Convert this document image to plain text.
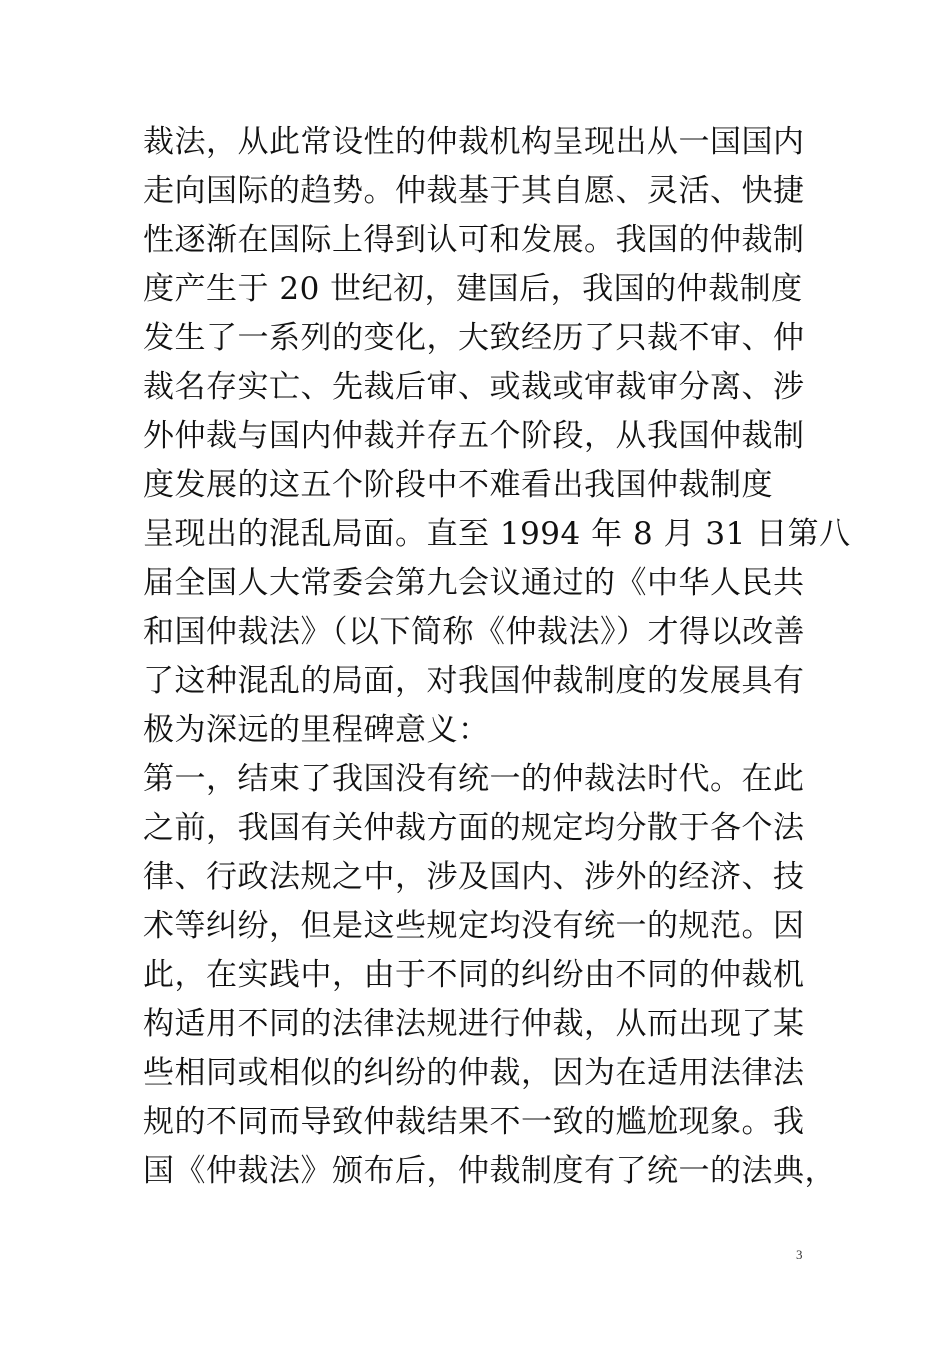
裁法，从此常设性的仲裁机构呈现出从一国国内
走向国际的趋势。仲裁基于其自愿、灵活、快捷
性逐渐在国际上得到认可和发展。我国的仲裁制
度产生于 20 世纪初，建国后，我国的仲裁制度
发生了一系列的变化，大致经历了只裁不审、仲
裁名存实亡、先裁后审、或裁或审裁审分离、涉
外仲裁与国内仲裁并存五个阶段，从我国仲裁制
度发展的这五个阶段中不难看出我国仲裁制度
呈现出的混乱局面。直至 1994 年 8 月 31 日第八
届全国人大常委会第九会议通过的《中华人民共
和国仲裁法》（以下简称《仲裁法》）才得以改善
了这种混乱的局面，对我国仲裁制度的发展具有
极为深远的里程碑意义：
第一，结束了我国没有统一的仲裁法时代。在此
之前，我国有关仲裁方面的规定均分散于各个法
律、行政法规之中，涉及国内、涉外的经济、技
术等纠纷，但是这些规定均没有统一的规范。因
此，在实践中，由于不同的纠纷由不同的仲裁机
构适用不同的法律法规进行仲裁，从而出现了某
些相同或相似的纠纷的仲裁，因为在适用法律法
规的不同而导致仲裁结果不一致的尴尬现象。我
国《仲裁法》颁布后，仲裁制度有了统一的法典，
3
